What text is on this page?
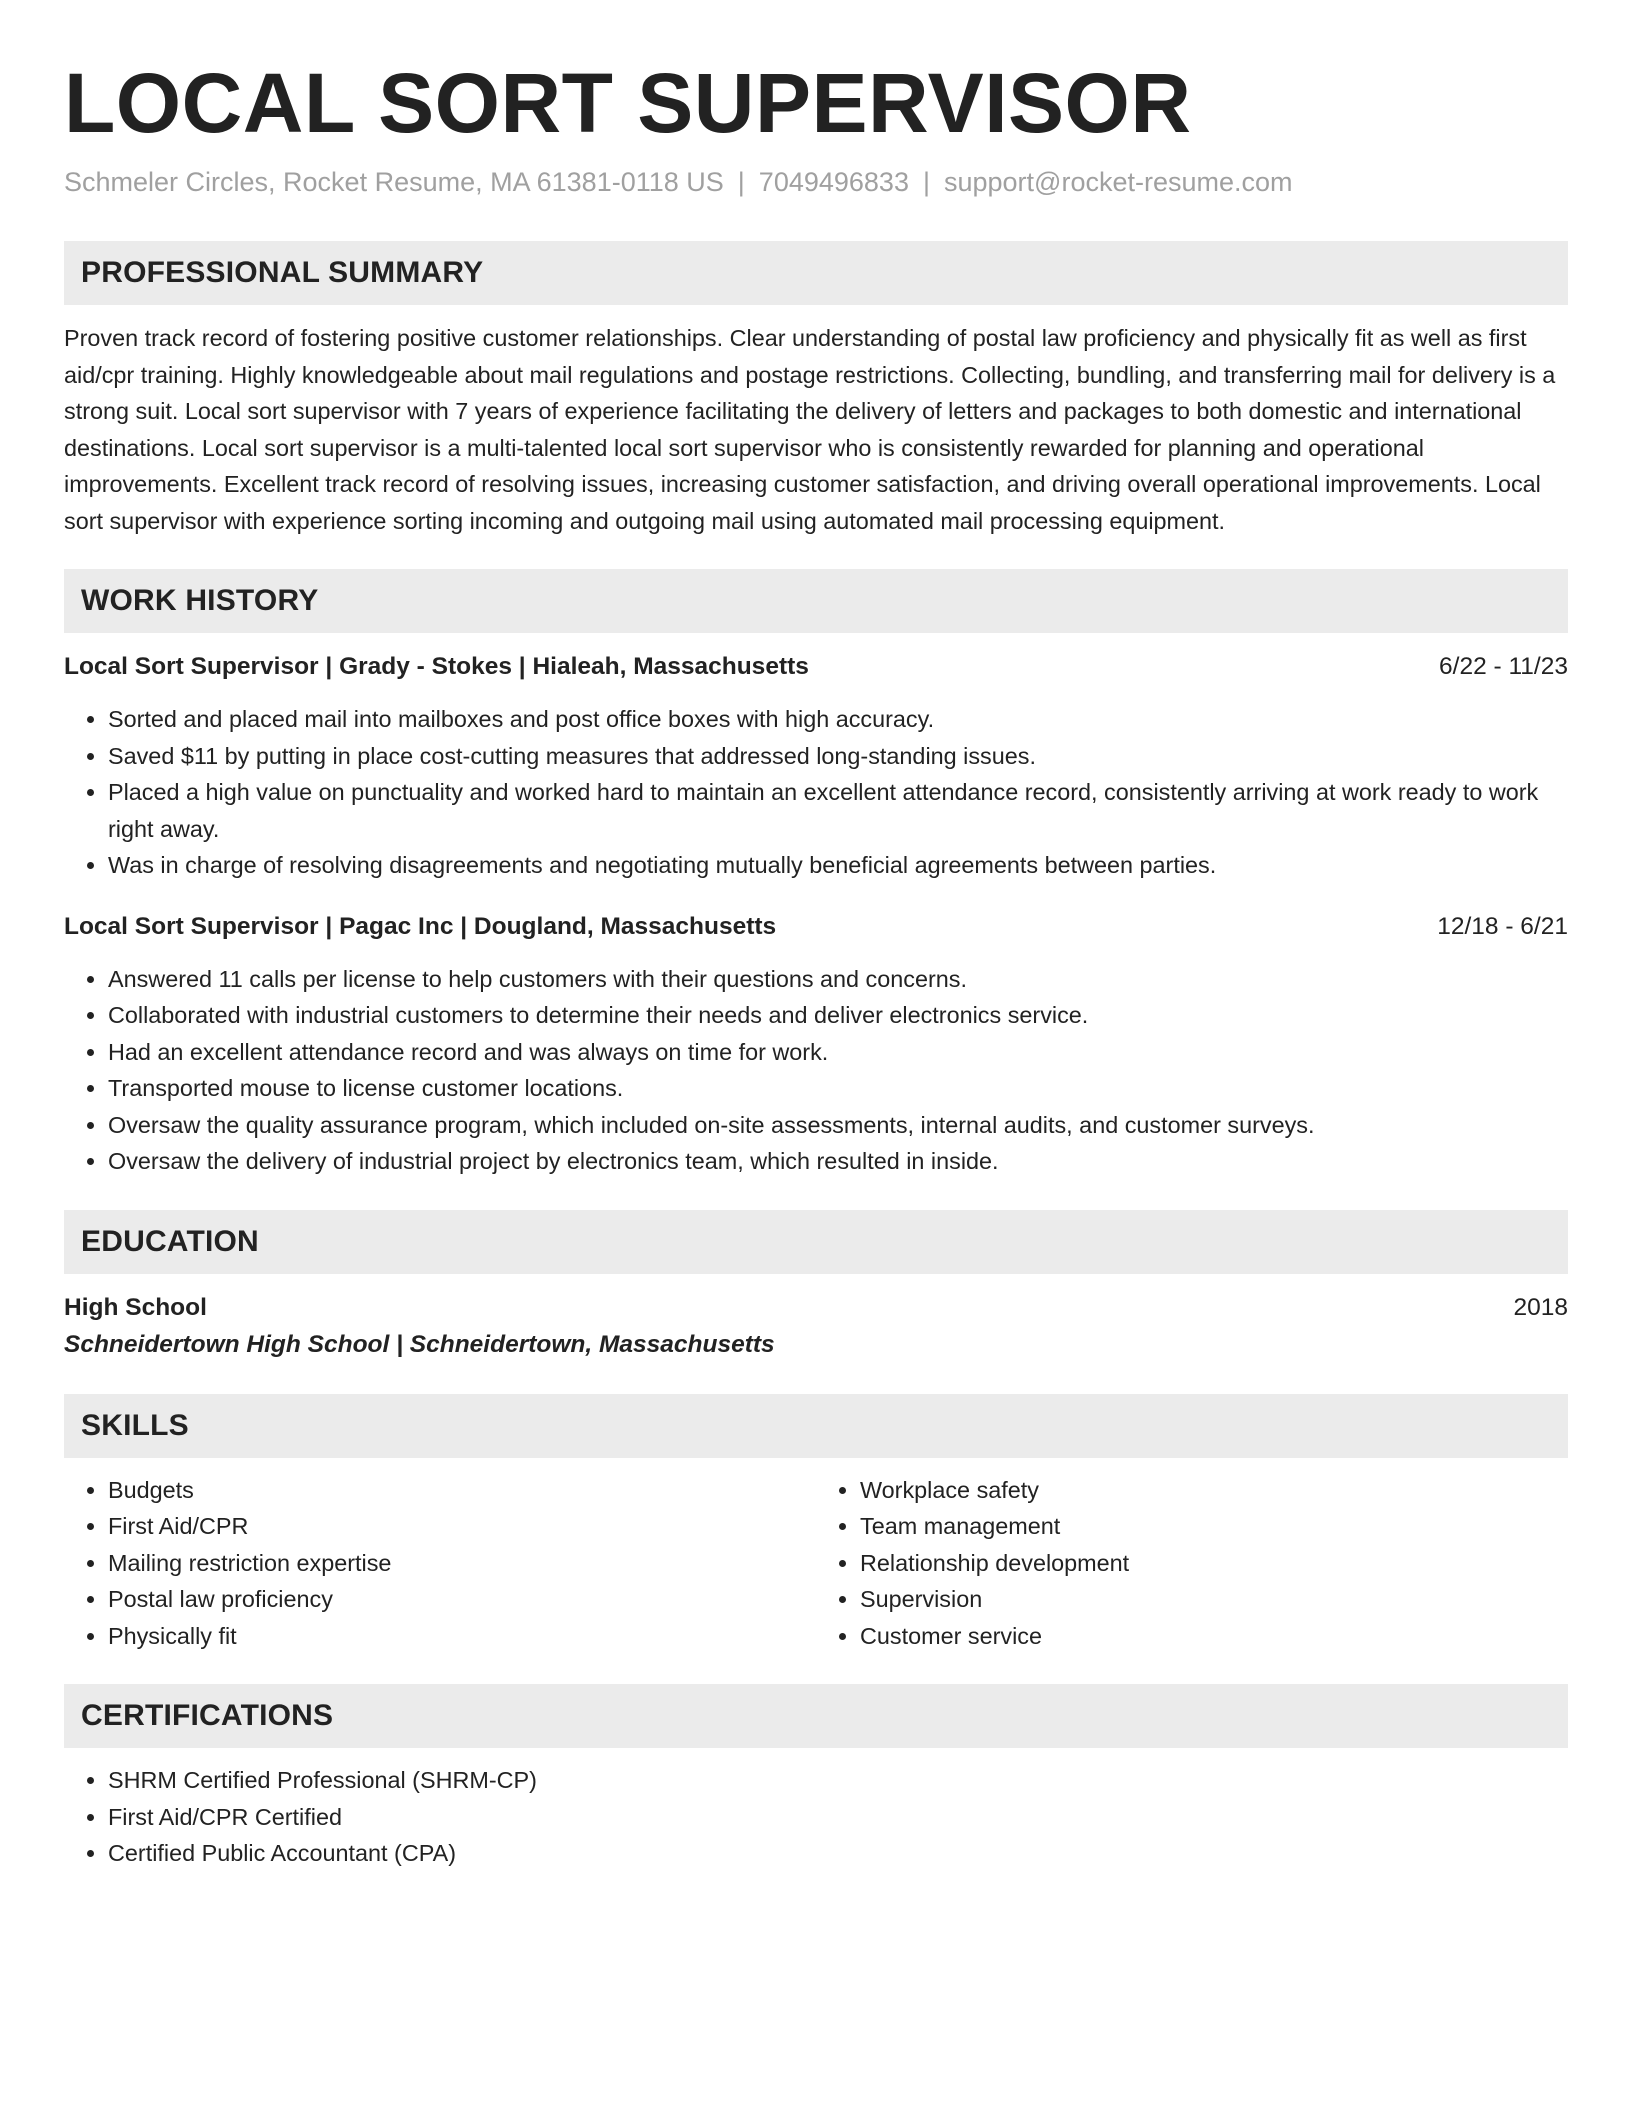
LOCAL SORT SUPERVISOR
Schmeler Circles, Rocket Resume, MA 61381-0118 US | 7049496833 | support@rocket-resume.com
PROFESSIONAL SUMMARY

Proven track record of fostering positive customer relationships. Clear understanding of postal law proficiency and physically fit as well as first aid/cpr training. Highly knowledgeable about mail regulations and postage restrictions. Collecting, bundling, and transferring mail for delivery is a strong suit. Local sort supervisor with 7 years of experience facilitating the delivery of letters and packages to both domestic and international destinations. Local sort supervisor is a multi-talented local sort supervisor who is consistently rewarded for planning and operational improvements. Excellent track record of resolving issues, increasing customer satisfaction, and driving overall operational improvements. Local sort supervisor with experience sorting incoming and outgoing mail using automated mail processing equipment.

WORK HISTORY
Local Sort Supervisor | Grady - Stokes | Hialeah, Massachusetts	6/22 - 11/23
• Sorted and placed mail into mailboxes and post office boxes with high accuracy.
• Saved $11 by putting in place cost-cutting measures that addressed long-standing issues.
• Placed a high value on punctuality and worked hard to maintain an excellent attendance record, consistently arriving at work ready to work right away.
• Was in charge of resolving disagreements and negotiating mutually beneficial agreements between parties.
Local Sort Supervisor | Pagac Inc | Dougland, Massachusetts	12/18 - 6/21
• Answered 11 calls per license to help customers with their questions and concerns.
• Collaborated with industrial customers to determine their needs and deliver electronics service.
• Had an excellent attendance record and was always on time for work.
• Transported mouse to license customer locations.
• Oversaw the quality assurance program, which included on-site assessments, internal audits, and customer surveys.
• Oversaw the delivery of industrial project by electronics team, which resulted in inside.
EDUCATION
High School	2018
Schneidertown High School | Schneidertown, Massachusetts
SKILLS
• Budgets
• First Aid/CPR
• Mailing restriction expertise
• Postal law proficiency
• Physically fit
• Workplace safety
• Team management
• Relationship development
• Supervision
• Customer service
CERTIFICATIONS
• SHRM Certified Professional (SHRM-CP)
• First Aid/CPR Certified
• Certified Public Accountant (CPA)
